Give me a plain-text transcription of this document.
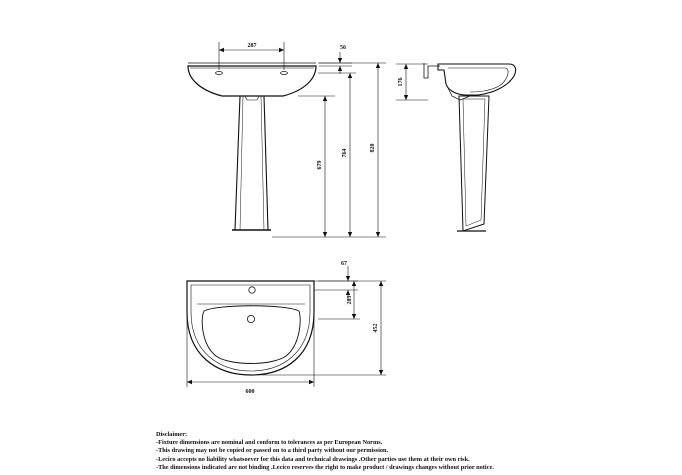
287	56
679
764
820
176
67
203
452
600
Disclaimer:
-Fixture dimensions are nominal and conform to tolerances as per European Norms.
-This drawing may not be copied or passed on to a third party without our permission.
-Lecico accepts no liability whatsoever for this data and technical drawings .Other parties use them at their own risk.
-The dimensions indicated are not binding .Lecico reserves the right to make product / drawings changes without prior notice.
